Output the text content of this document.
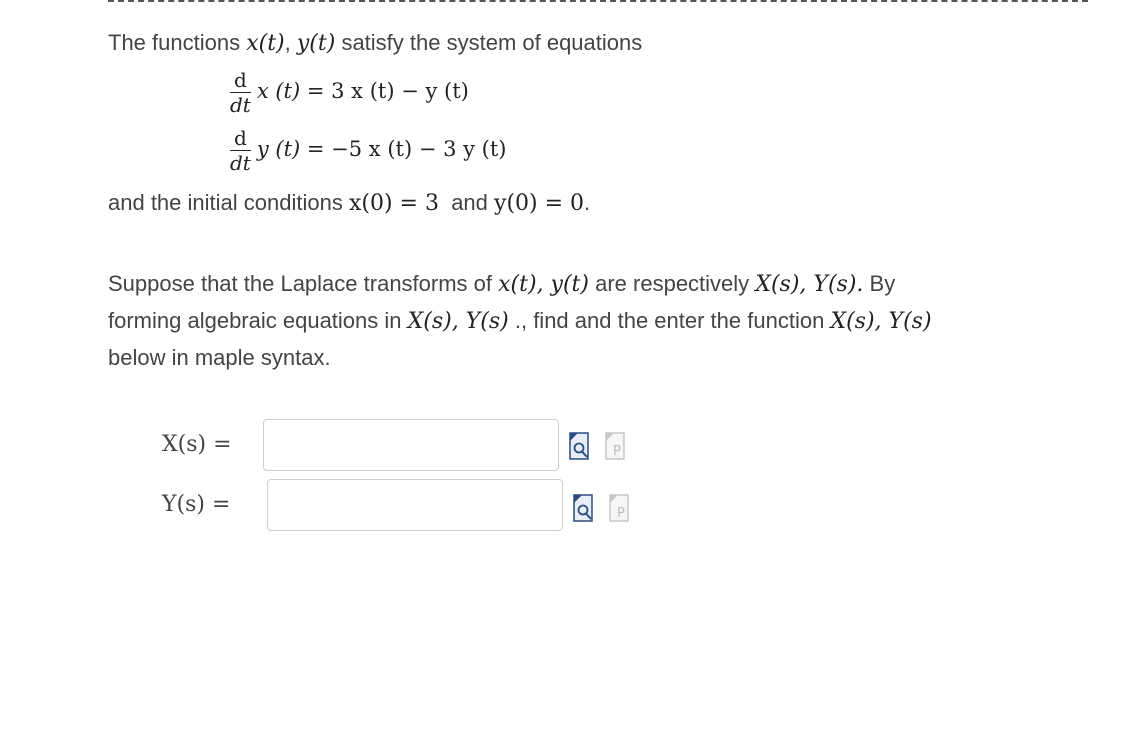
The functions x(t), y(t) satisfy the system of equations
$\frac{d}{dt}$ x (t) = 3 x (t) − y (t)
$\frac{d}{dt}$ y (t) = −5 x (t) − 3 y (t)
and the initial conditions x(0) = 3 and y(0) = 0.
Suppose that the Laplace transforms of x(t), y(t) are respectively X(s), Y(s). By
forming algebraic equations in X(s), Y(s) ., find and the enter the function X(s), Y(s)
below in maple syntax.
X(s) =	P
Y(s) =	P
